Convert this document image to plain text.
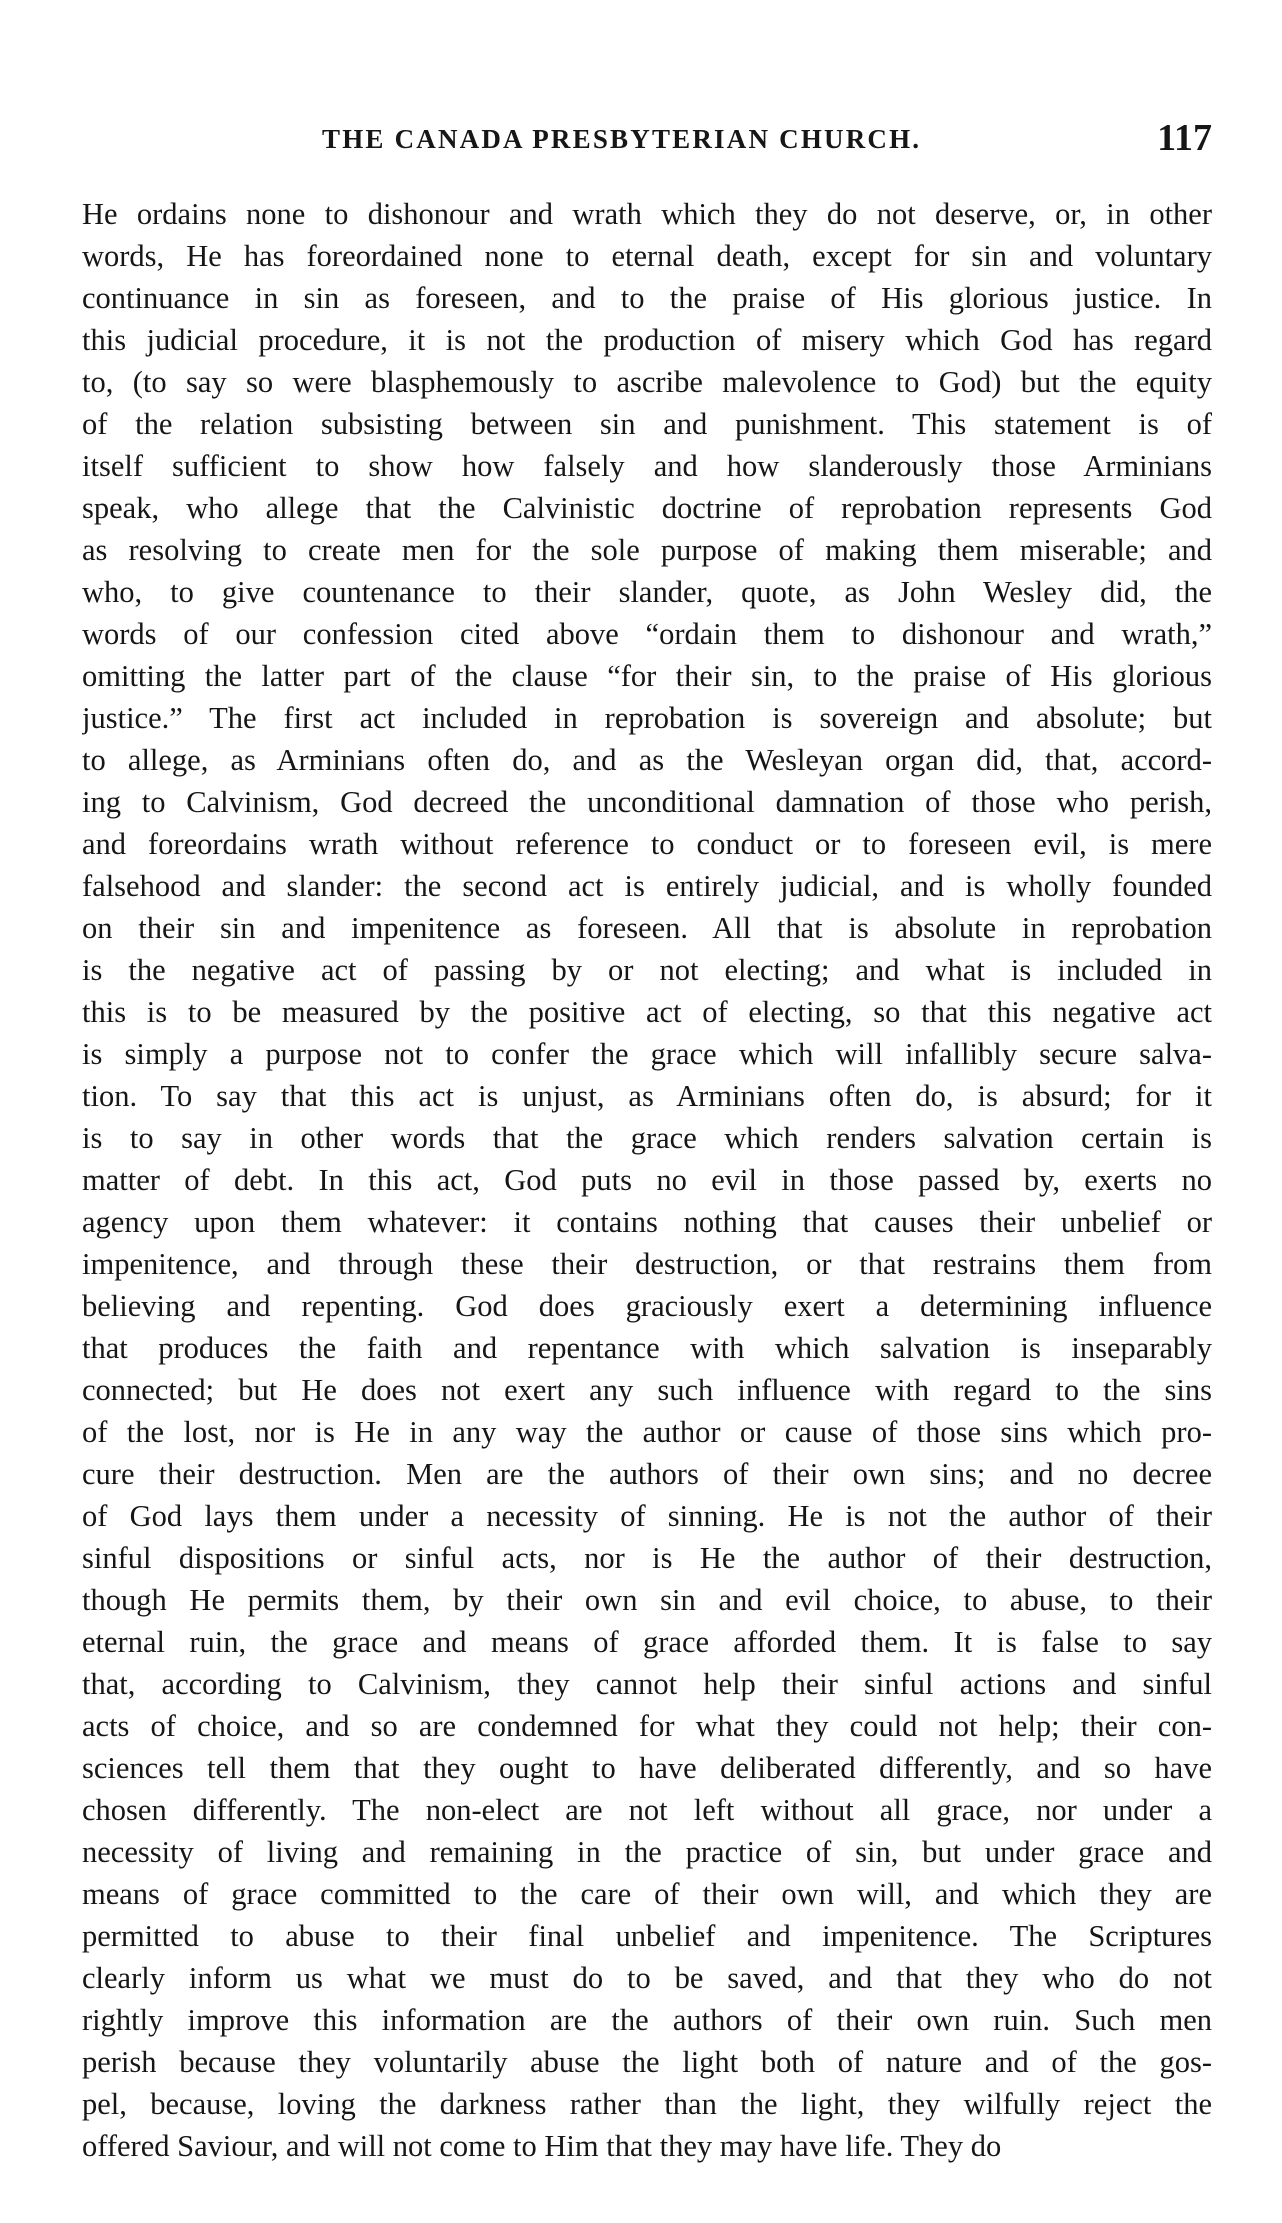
THE CANADA PRESBYTERIAN CHURCH.	117
He ordains none to dishonour and wrath which they do not deserve, or, in other
words, He has foreordained none to eternal death, except for sin and voluntary
continuance in sin as foreseen, and to the praise of His glorious justice. In
this judicial procedure, it is not the production of misery which God has regard
to, (to say so were blasphemously to ascribe malevolence to God) but the equity
of the relation subsisting between sin and punishment. This statement is of
itself sufficient to show how falsely and how slanderously those Arminians
speak, who allege that the Calvinistic doctrine of reprobation represents God
as resolving to create men for the sole purpose of making them miserable; and
who, to give countenance to their slander, quote, as John Wesley did, the
words of our confession cited above “ordain them to dishonour and wrath,”
omitting the latter part of the clause “for their sin, to the praise of His glorious
justice.” The first act included in reprobation is sovereign and absolute; but
to allege, as Arminians often do, and as the Wesleyan organ did, that, accord-
ing to Calvinism, God decreed the unconditional damnation of those who perish,
and foreordains wrath without reference to conduct or to foreseen evil, is mere
falsehood and slander: the second act is entirely judicial, and is wholly founded
on their sin and impenitence as foreseen. All that is absolute in reprobation
is the negative act of passing by or not electing; and what is included in
this is to be measured by the positive act of electing, so that this negative act
is simply a purpose not to confer the grace which will infallibly secure salva-
tion. To say that this act is unjust, as Arminians often do, is absurd; for it
is to say in other words that the grace which renders salvation certain is
matter of debt. In this act, God puts no evil in those passed by, exerts no
agency upon them whatever: it contains nothing that causes their unbelief or
impenitence, and through these their destruction, or that restrains them from
believing and repenting. God does graciously exert a determining influence
that produces the faith and repentance with which salvation is inseparably
connected; but He does not exert any such influence with regard to the sins
of the lost, nor is He in any way the author or cause of those sins which pro-
cure their destruction. Men are the authors of their own sins; and no decree
of God lays them under a necessity of sinning. He is not the author of their
sinful dispositions or sinful acts, nor is He the author of their destruction,
though He permits them, by their own sin and evil choice, to abuse, to their
eternal ruin, the grace and means of grace afforded them. It is false to say
that, according to Calvinism, they cannot help their sinful actions and sinful
acts of choice, and so are condemned for what they could not help; their con-
sciences tell them that they ought to have deliberated differently, and so have
chosen differently. The non-elect are not left without all grace, nor under a
necessity of living and remaining in the practice of sin, but under grace and
means of grace committed to the care of their own will, and which they are
permitted to abuse to their final unbelief and impenitence. The Scriptures
clearly inform us what we must do to be saved, and that they who do not
rightly improve this information are the authors of their own ruin. Such men
perish because they voluntarily abuse the light both of nature and of the gos-
pel, because, loving the darkness rather than the light, they wilfully reject the
offered Saviour, and will not come to Him that they may have life. They do
